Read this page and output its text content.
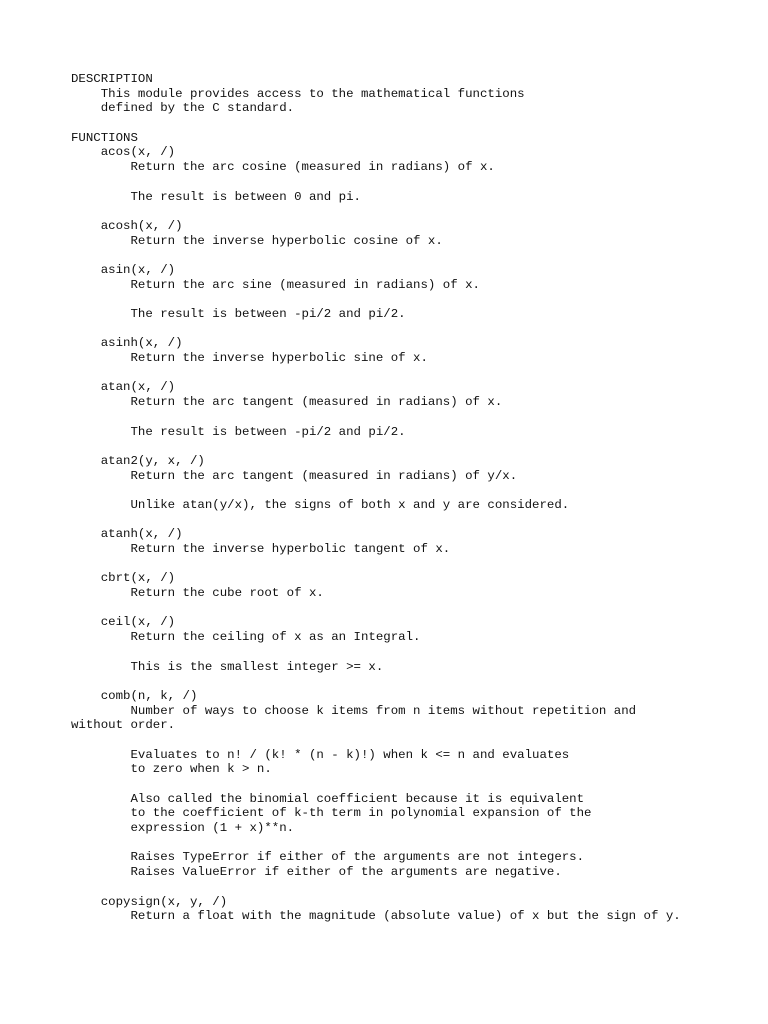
DESCRIPTION
This module provides access to the mathematical functions
defined by the C standard.
FUNCTIONS
acos(x, /)
Return the arc cosine (measured in radians) of x.
The result is between 0 and pi.
acosh(x, /)
Return the inverse hyperbolic cosine of x.
asin(x, /)
Return the arc sine (measured in radians) of x.
The result is between -pi/2 and pi/2.
asinh(x, /)
Return the inverse hyperbolic sine of x.
atan(x, /)
Return the arc tangent (measured in radians) of x.
The result is between -pi/2 and pi/2.
atan2(y, x, /)
Return the arc tangent (measured in radians) of y/x.
Unlike atan(y/x), the signs of both x and y are considered.
atanh(x, /)
Return the inverse hyperbolic tangent of x.
cbrt(x, /)
Return the cube root of x.
ceil(x, /)
Return the ceiling of x as an Integral.
This is the smallest integer >= x.
comb(n, k, /)
Number of ways to choose k items from n items without repetition and
without order.
Evaluates to n! / (k! * (n - k)!) when k <= n and evaluates
to zero when k > n.
Also called the binomial coefficient because it is equivalent
to the coefficient of k-th term in polynomial expansion of the
expression (1 + x)**n.
Raises TypeError if either of the arguments are not integers.
Raises ValueError if either of the arguments are negative.
copysign(x, y, /)
Return a float with the magnitude (absolute value) of x but the sign of y.
